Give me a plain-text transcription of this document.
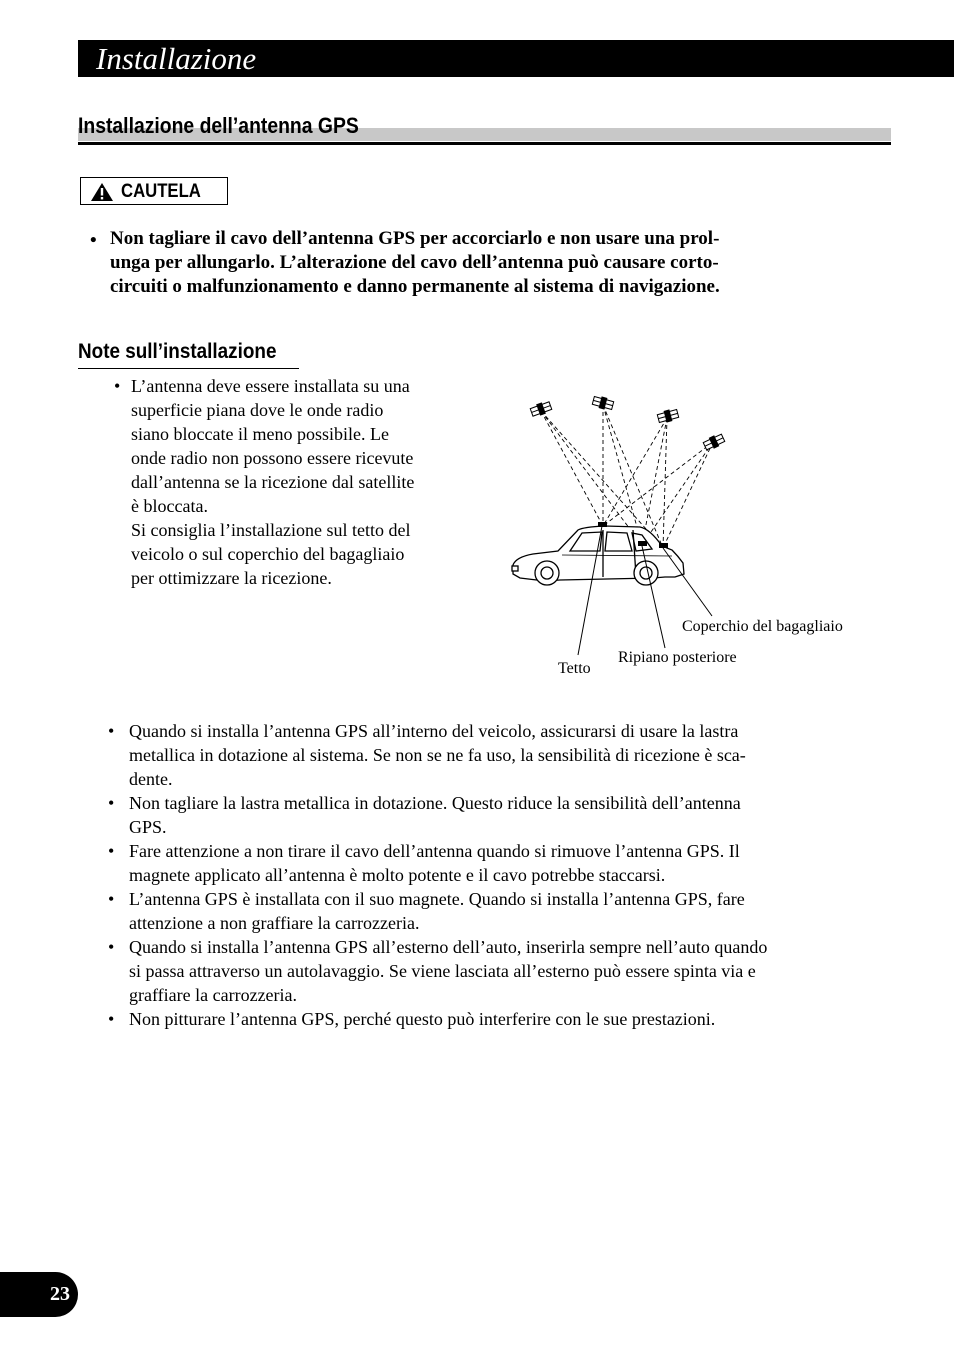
Installazione
Installazione dell’antenna GPS
CAUTELA
• Non tagliare il cavo dell’antenna GPS per accorciarlo e non usare una prol-
unga per allungarlo. L’alterazione del cavo dell’antenna può causare corto-
circuiti o malfunzionamento e danno permanente al sistema di navigazione.
Note sull’installazione
• L’antenna deve essere installata su una
superficie piana dove le onde radio
siano bloccate il meno possibile. Le
onde radio non possono essere ricevute
dall’antenna se la ricezione dal satellite
è bloccata.
Si consiglia l’installazione sul tetto del
veicolo o sul coperchio del bagagliaio
per ottimizzare la ricezione.
Coperchio del bagagliaio
Ripiano posteriore
Tetto
• Quando si installa l’antenna GPS all’interno del veicolo, assicurarsi di usare la lastra
metallica in dotazione al sistema. Se non se ne fa uso, la sensibilità di ricezione è sca-
dente.
• Non tagliare la lastra metallica in dotazione. Questo riduce la sensibilità dell’antenna
GPS.
• Fare attenzione a non tirare il cavo dell’antenna quando si rimuove l’antenna GPS. Il
magnete applicato all’antenna è molto potente e il cavo potrebbe staccarsi.
• L’antenna GPS è installata con il suo magnete. Quando si installa l’antenna GPS, fare
attenzione a non graffiare la carrozzeria.
• Quando si installa l’antenna GPS all’esterno dell’auto, inserirla sempre nell’auto quando
si passa attraverso un autolavaggio. Se viene lasciata all’esterno può essere spinta via e
graffiare la carrozzeria.
• Non pitturare l’antenna GPS, perché questo può interferire con le sue prestazioni.
23
